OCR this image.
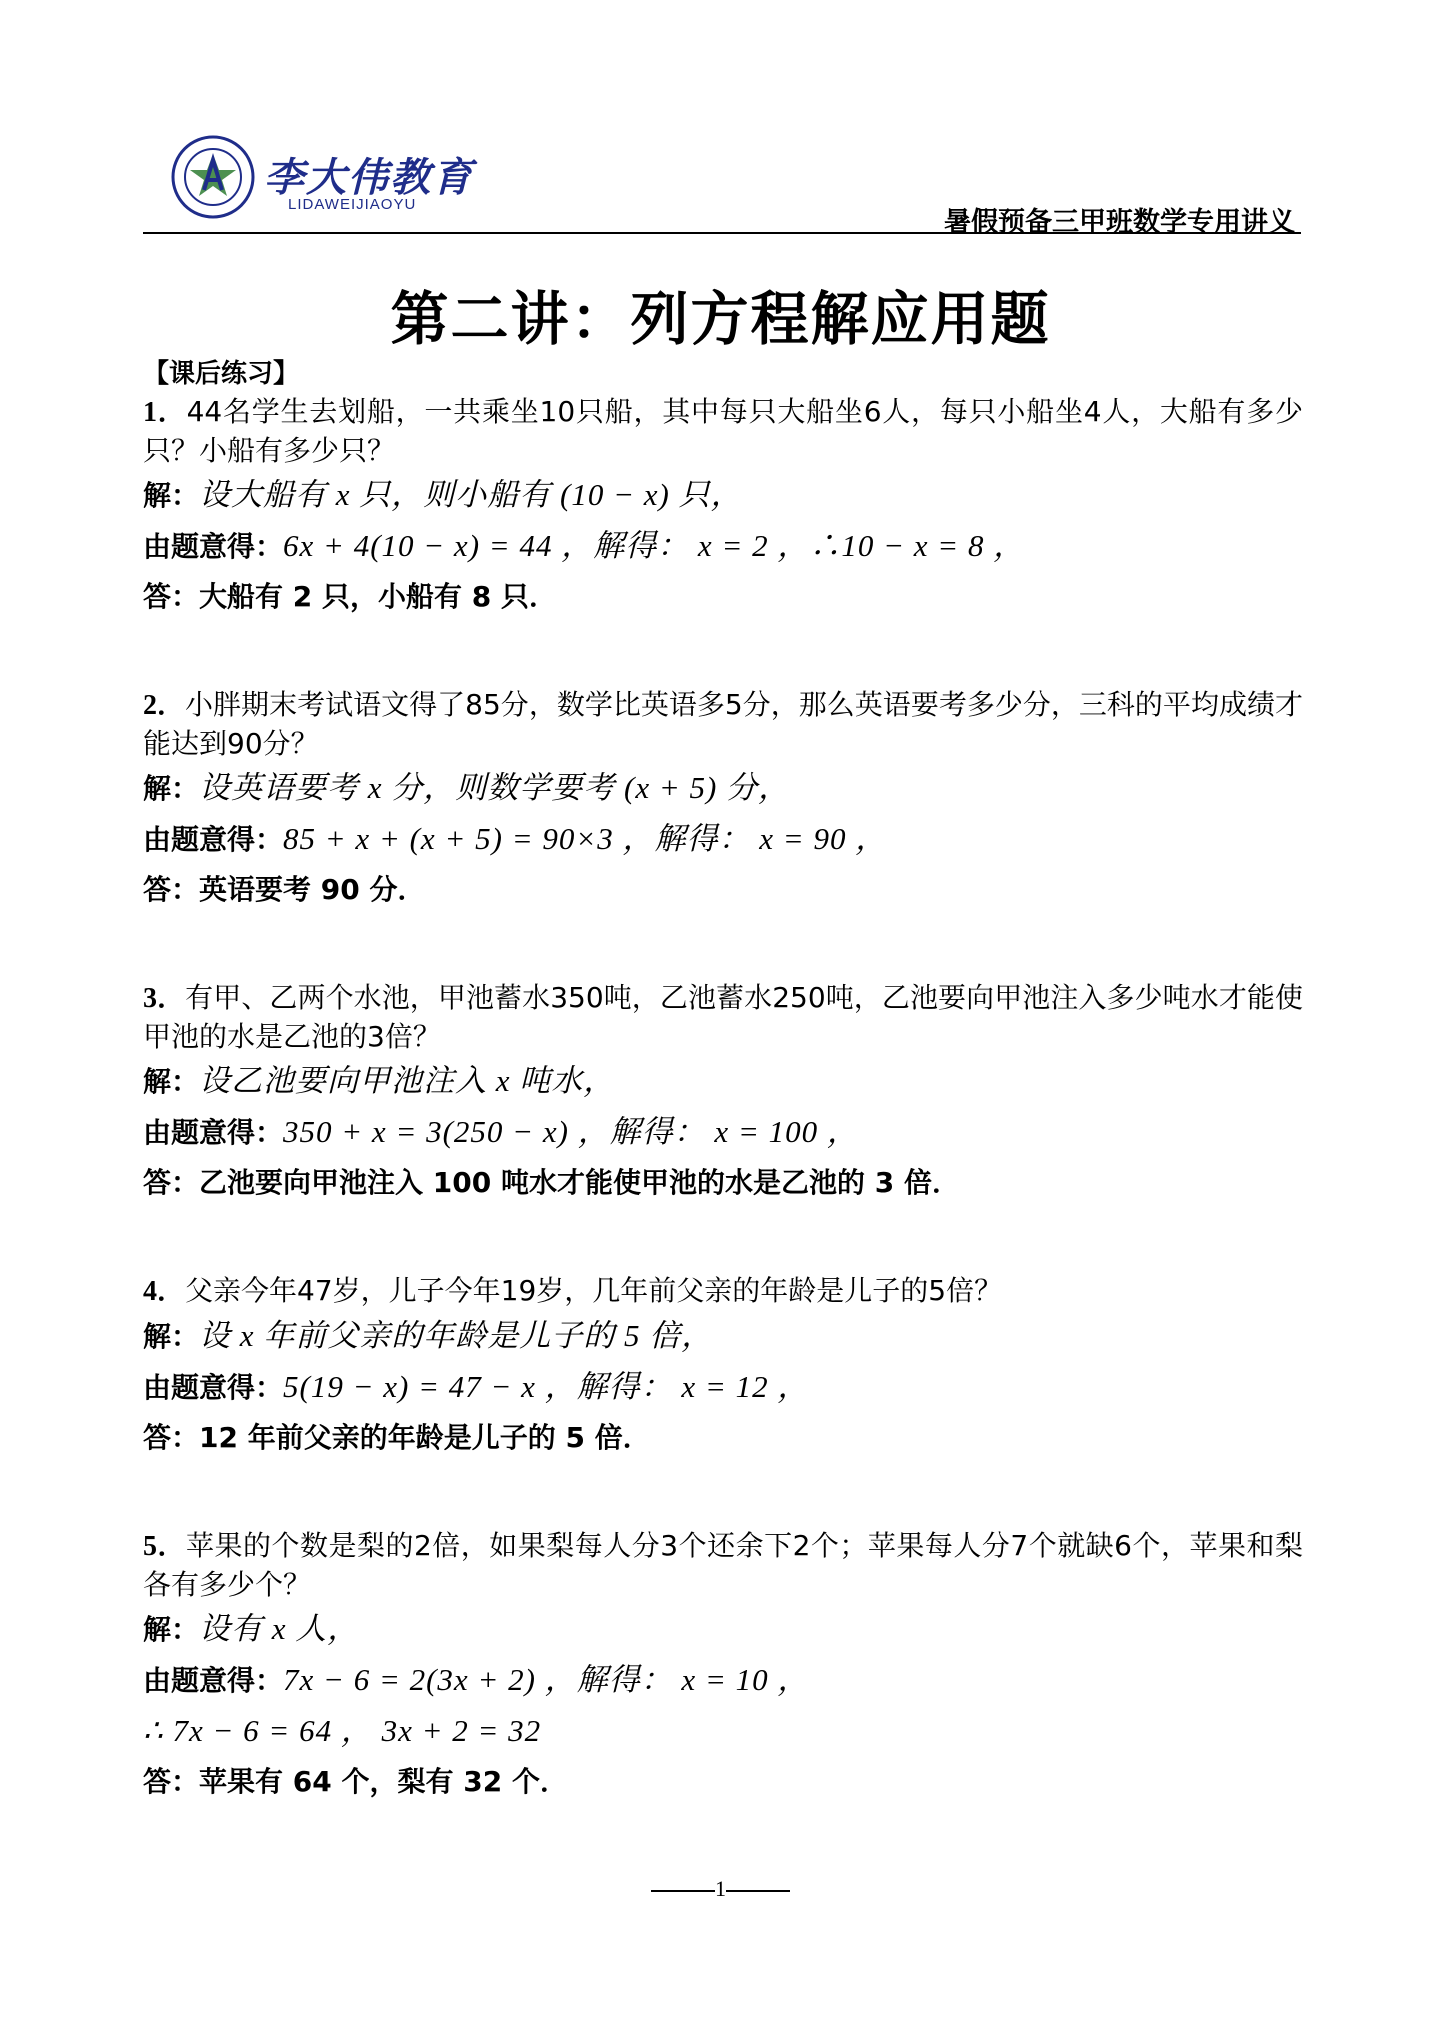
李大伟教育
LIDAWEIJIAOYU
暑假预备三甲班数学专用讲义
第二讲：列方程解应用题
【课后练习】

1．44名学生去划船，一共乘坐10只船，其中每只大船坐6人，每只小船坐4人，大船有多少只？小船有多少只？

解：设大船有 x 只，则小船有 (10 − x) 只，

由题意得：6x + 4(10 − x) = 44 ，解得： x = 2 ，∴10 − x = 8 ，

答：大船有 2 只，小船有 8 只．

2．小胖期末考试语文得了85分，数学比英语多5分，那么英语要考多少分，三科的平均成绩才能达到90分？

解：设英语要考 x 分，则数学要考 (x + 5) 分，

由题意得：85 + x + (x + 5) = 90×3 ，解得： x = 90 ，

答：英语要考 90 分．

3．有甲、乙两个水池，甲池蓄水350吨，乙池蓄水250吨，乙池要向甲池注入多少吨水才能使甲池的水是乙池的3倍？

解：设乙池要向甲池注入 x 吨水，

由题意得：350 + x = 3(250 − x) ，解得： x = 100 ，

答：乙池要向甲池注入 100 吨水才能使甲池的水是乙池的 3 倍．

4．父亲今年47岁，儿子今年19岁，几年前父亲的年龄是儿子的5倍？

解：设 x 年前父亲的年龄是儿子的 5 倍，

由题意得：5(19 − x) = 47 − x ，解得： x = 12 ，

答：12 年前父亲的年龄是儿子的 5 倍．

5．苹果的个数是梨的2倍，如果梨每人分3个还余下2个；苹果每人分7个就缺6个，苹果和梨各有多少个？

解：设有 x 人，

由题意得：7x − 6 = 2(3x + 2) ，解得： x = 10 ，

∴ 7x − 6 = 64 ， 3x + 2 = 32

答：苹果有 64 个，梨有 32 个．

1
